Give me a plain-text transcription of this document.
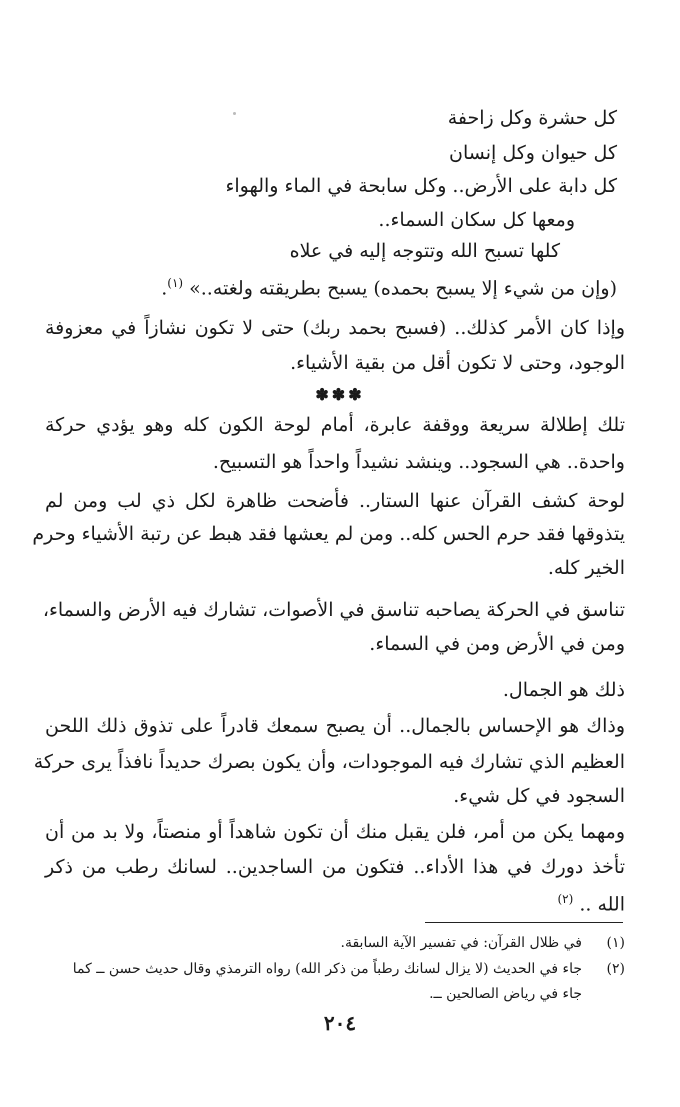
كل حشرة وكل زاحفة
كل حيوان وكل إنسان
كل دابة على الأرض.. وكل سابحة في الماء والهواء
ومعها كل سكان السماء..
كلها تسبح الله وتتوجه إليه في علاه
(وإن من شيء إلا يسبح بحمده) يسبح بطريقته ولغته..» $^{(١)}$.
وإذا كان الأمر كذلك.. (فسبح بحمد ربك) حتى لا تكون نشازاً في معزوفة
الوجود، وحتى لا تكون أقل من بقية الأشياء.
✽✽✽
تلك إطلالة سريعة ووقفة عابرة، أمام لوحة الكون كله وهو يؤدي حركة
واحدة.. هي السجود.. وينشد نشيداً واحداً هو التسبيح.
لوحة كشف القرآن عنها الستار.. فأضحت ظاهرة لكل ذي لب ومن لم
يتذوقها فقد حرم الحس كله.. ومن لم يعشها فقد هبط عن رتبة الأشياء وحرم
الخير كله.
تناسق في الحركة يصاحبه تناسق في الأصوات، تشارك فيه الأرض والسماء،
ومن في الأرض ومن في السماء.
ذلك هو الجمال.
وذاك هو الإحساس بالجمال.. أن يصبح سمعك قادراً على تذوق ذلك اللحن
العظيم الذي تشارك فيه الموجودات، وأن يكون بصرك حديداً نافذاً يرى حركة
السجود في كل شيء.
ومهما يكن من أمر، فلن يقبل منك أن تكون شاهداً أو منصتاً، ولا بد من أن
تأخذ دورك في هذا الأداء.. فتكون من الساجدين.. لسانك رطب من ذكر
الله .. $^{(٢)}$
(١)
في ظلال القرآن: في تفسير الآية السابقة.
(٢)
جاء في الحديث (لا يزال لسانك رطباً من ذكر الله) رواه الترمذي وقال حديث حسن ــ كما
جاء في رياض الصالحين ــ.
٢٠٤
